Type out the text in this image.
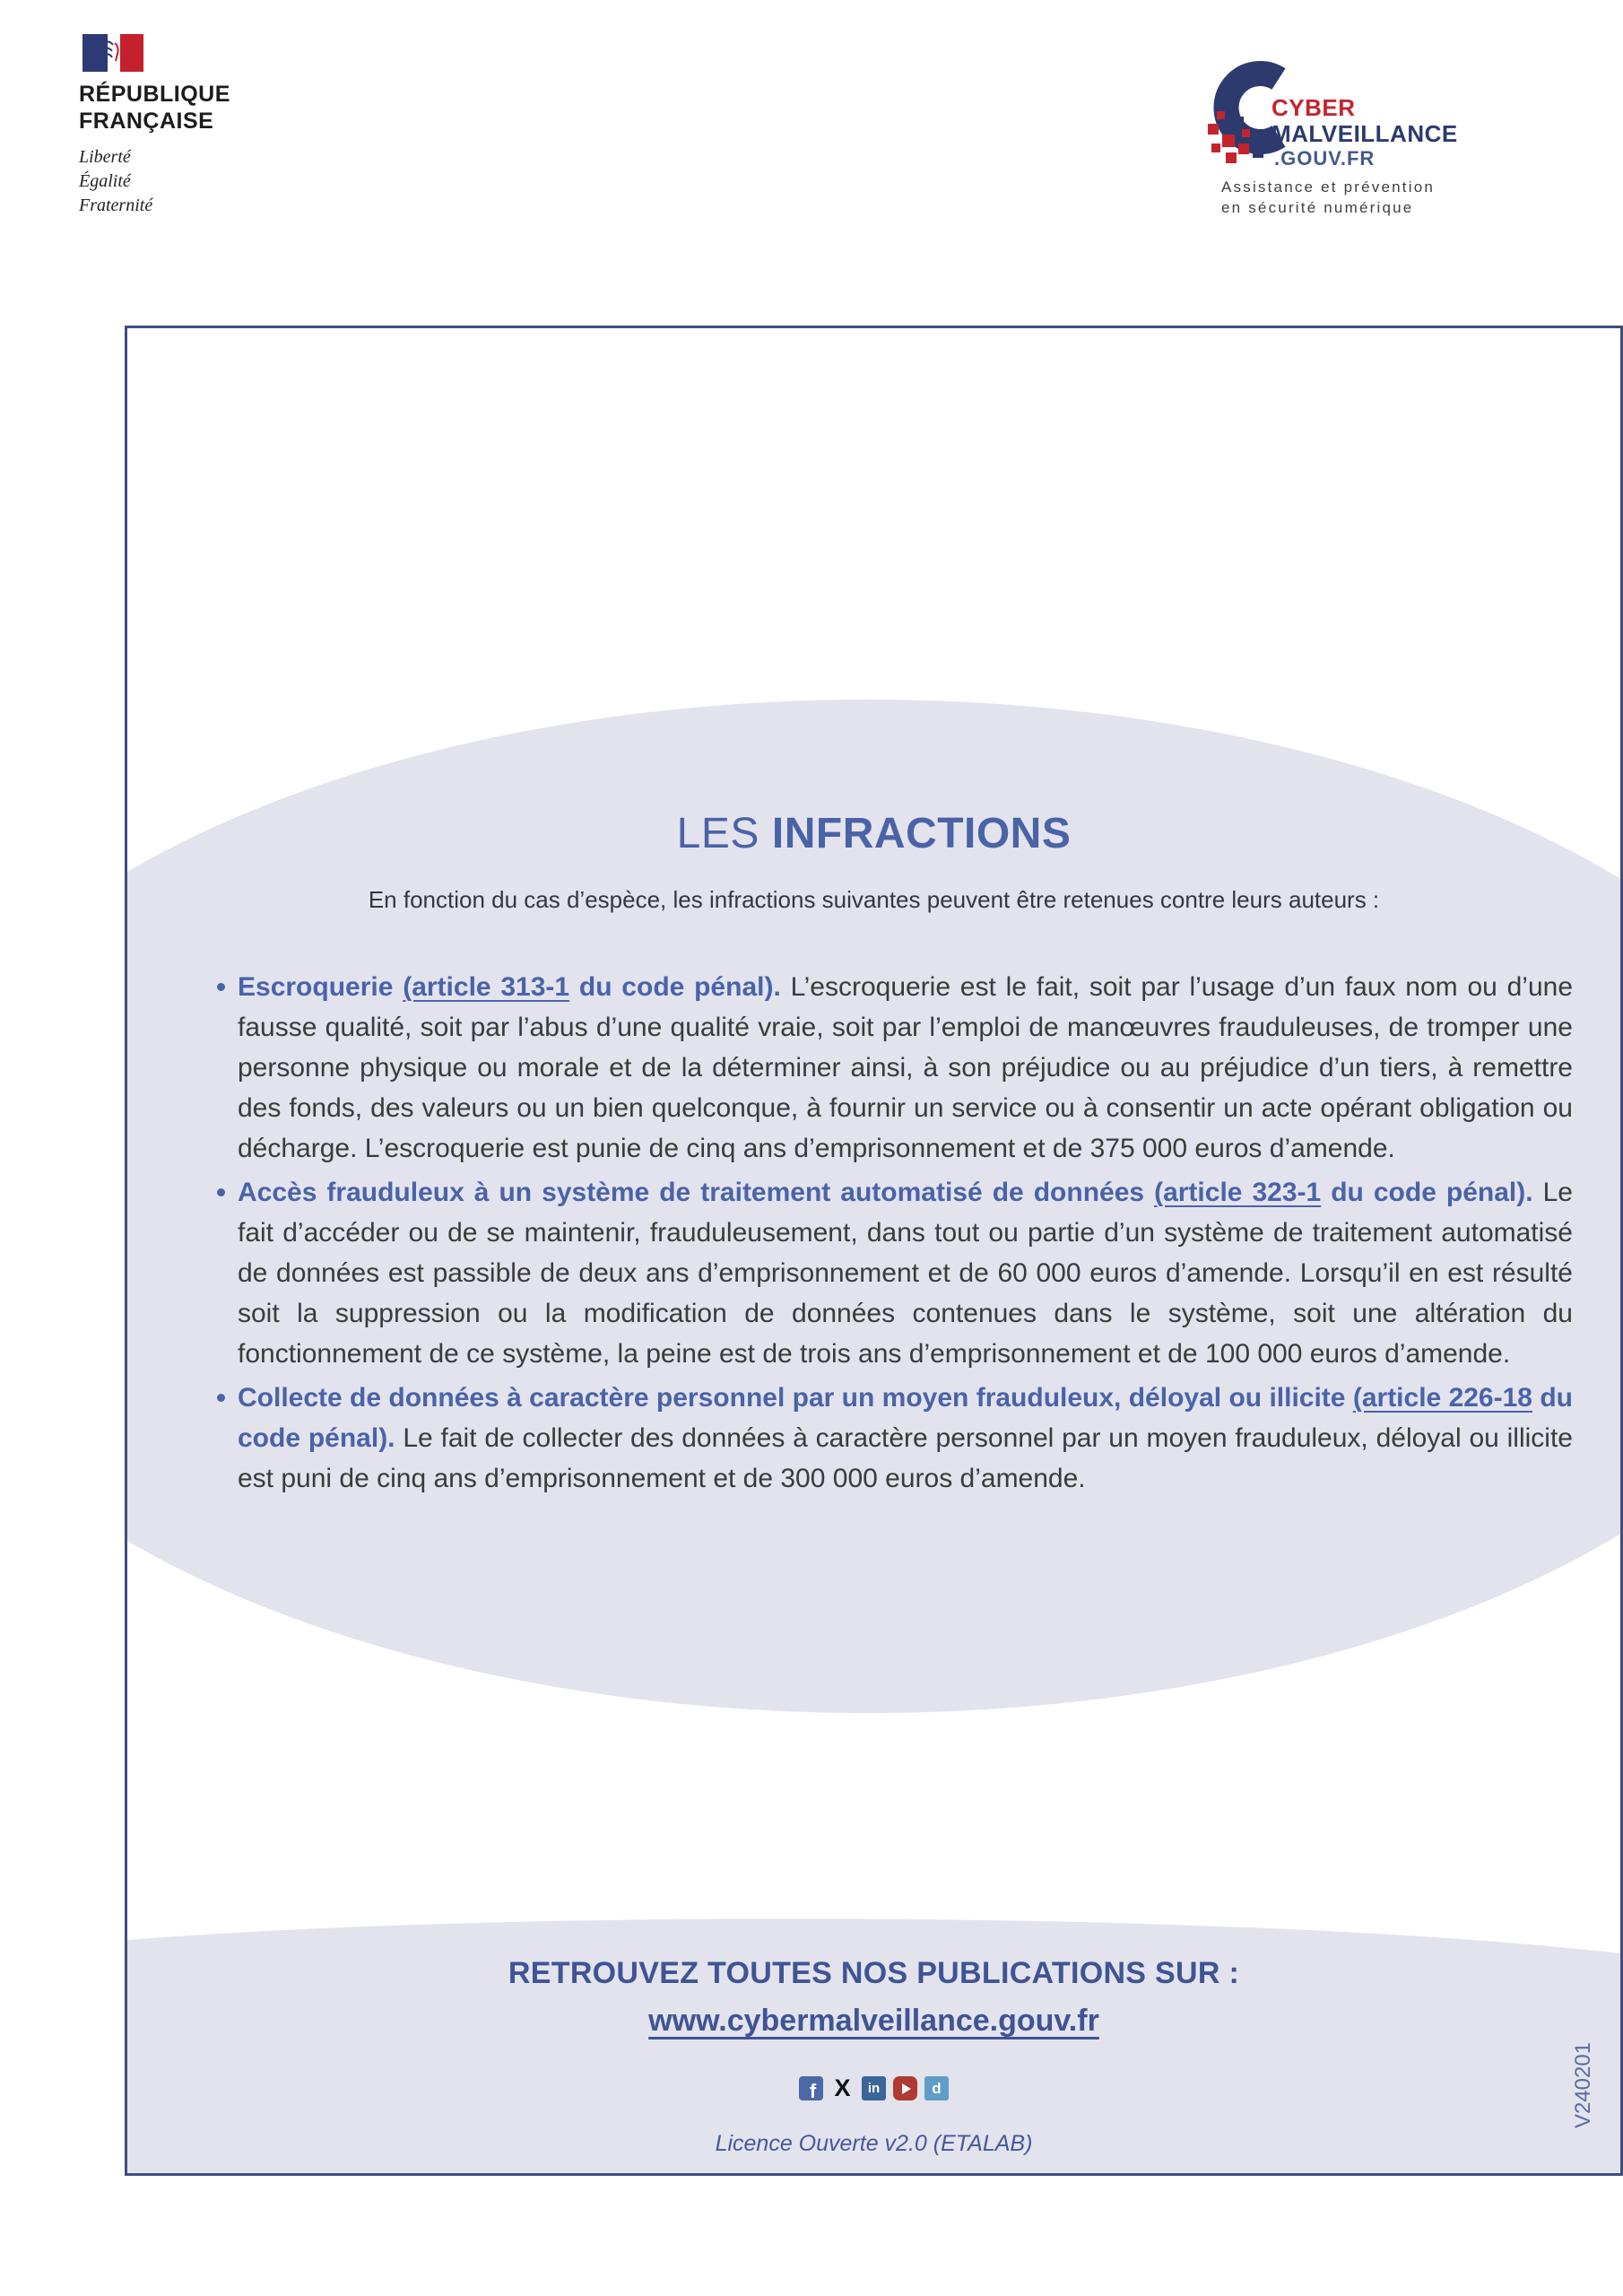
RÉPUBLIQUE
FRANÇAISE
Liberté
Égalité
Fraternité
CYBER
MALVEILLANCE
.GOUV.FR
Assistance et prévention
en sécurité numérique
LES INFRACTIONS

En fonction du cas d’espèce, les infractions suivantes peuvent être retenues contre leurs auteurs :

Escroquerie (article 313-1 du code pénal). L’escroquerie est le fait, soit par l’usage d’un faux nom ou d’une fausse qualité, soit par l’abus d’une qualité vraie, soit par l’emploi de manœuvres frauduleuses, de tromper une personne physique ou morale et de la déterminer ainsi, à son préjudice ou au préjudice d’un tiers, à remettre des fonds, des valeurs ou un bien quelconque, à fournir un service ou à consentir un acte opérant obligation ou décharge. L’escroquerie est punie de cinq ans d’emprisonnement et de 375 000 euros d’amende.
Accès frauduleux à un système de traitement automatisé de données (article 323-1 du code pénal). Le fait d’accéder ou de se maintenir, frauduleusement, dans tout ou partie d’un système de traitement automatisé de données est passible de deux ans d’emprisonnement et de 60 000 euros d’amende. Lorsqu’il en est résulté soit la suppression ou la modification de données contenues dans le système, soit une altération du fonctionnement de ce système, la peine est de trois ans d’emprisonnement et de 100 000 euros d’amende.
Collecte de données à caractère personnel par un moyen frauduleux, déloyal ou illicite (article 226-18 du code pénal). Le fait de collecter des données à caractère personnel par un moyen frauduleux, déloyal ou illicite est puni de cinq ans d’emprisonnement et de 300 000 euros d’amende.
RETROUVEZ TOUTES NOS PUBLICATIONS SUR :
www.cybermalveillance.gouv.fr
f X in	d
Licence Ouverte v2.0 (ETALAB)
V240201
